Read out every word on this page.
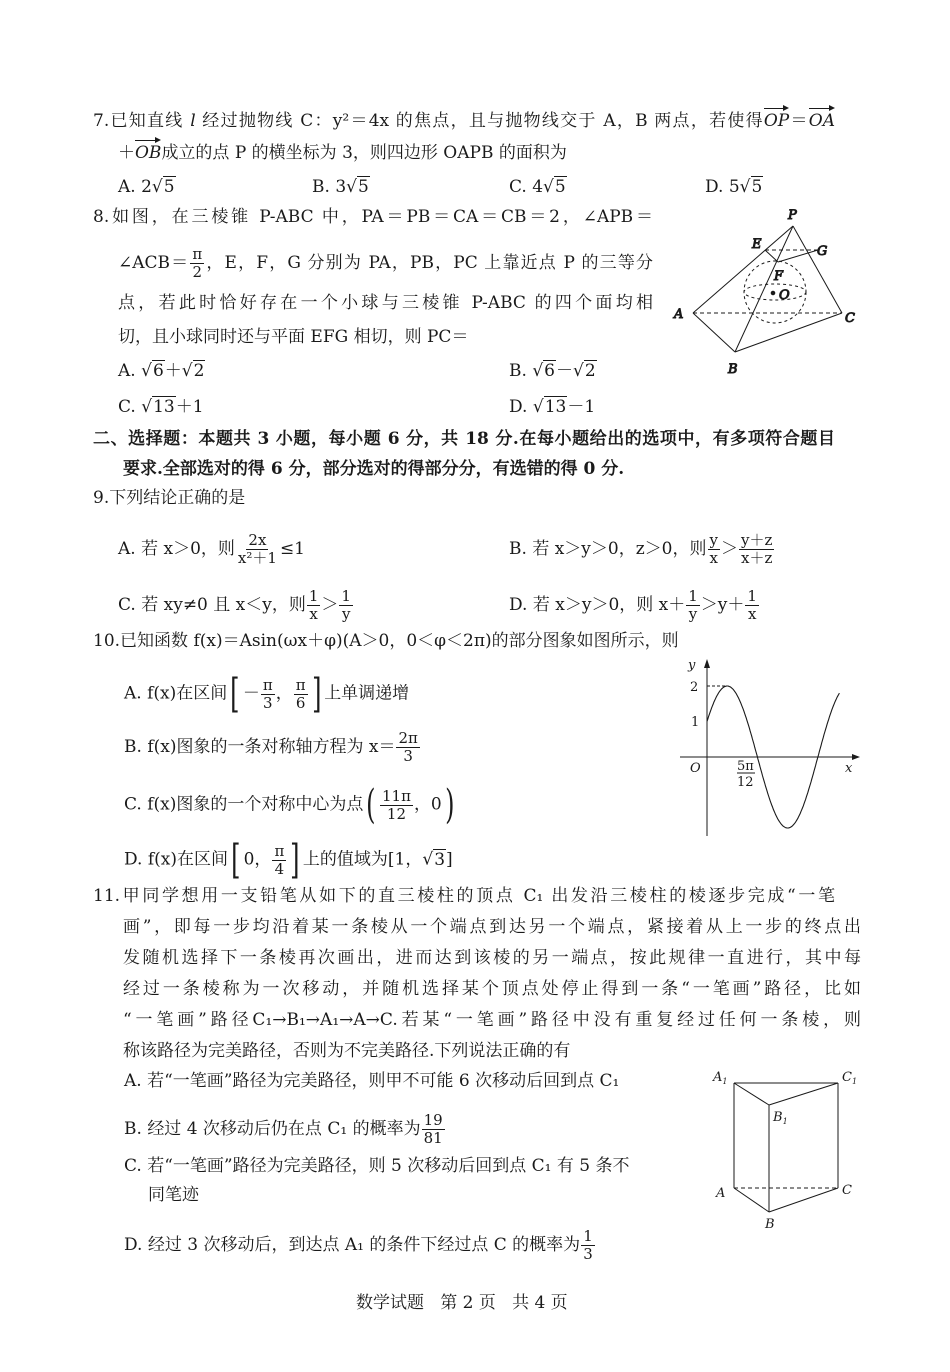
7.已知直线 l 经过抛物线 C：y²＝4x 的焦点，且与抛物线交于 A，B 两点，若使得OP＝OA
＋OB成立的点 P 的横坐标为 3，则四边形 OAPB 的面积为
A. 2√5	B. 3√5	C. 4√5	D. 5√5
8.如图，在三棱锥 P-ABC 中，PA＝PB＝CA＝CB＝2，∠APB＝
∠ACB＝ $\frac{\pi}{2}$ ，E，F，G 分别为 PA，PB，PC 上靠近点 P 的三等分
点，若此时恰好存在一个小球与三棱锥 P-ABC 的四个面均相
切，且小球同时还与平面 EFG 相切，则 PC＝
A. √6＋√2	B. √6－√2
C. √13＋1	D. √13－1
P
A
B
C
E
F
G
O
二、选择题：本题共 3 小题，每小题 6 分，共 18 分.在每小题给出的选项中，有多项符合题目
要求.全部选对的得 6 分，部分选对的得部分分，有选错的得 0 分.
9.下列结论正确的是
A. 若 x＞0，则 $\frac{2x}{\text{x²＋1}} \le 1$	B. 若 x＞y＞0，z＞0，则 $\frac{y}{x} > \frac{y+z}{x+z}$
C. 若 xy≠0 且 x＜y，则 $\frac{1}{x} > \frac{1}{y}$	D. 若 x＞y＞0，则 $x+ \frac{1}{y} >y+ \frac{1}{x}$
10.已知函数 f(x)＝Asin(ωx＋φ)(A＞0，0＜φ＜2π)的部分图象如图所示，则
A. f(x)在区间[ － $\frac{\pi}{3}$ ， $\frac{\pi}{6}$ ] 上单调递增
B. f(x)图象的一条对称轴方程为 $x= \frac{2\pi}{3}$
C. f(x)图象的一个对称中心为点( $\frac{11\pi}{12}$ ，0)
D. f(x)在区间[ 0， $\frac{\pi}{4}$ ] 上的值域为[1，√3]
y
x
O
2
1
5π
12
11.甲同学想用一支铅笔从如下的直三棱柱的顶点 C₁ 出发沿三棱柱的棱逐步完成“一笔
画”，即每一步均沿着某一条棱从一个端点到达另一个端点，紧接着从上一步的终点出
发随机选择下一条棱再次画出，进而达到该棱的另一端点，按此规律一直进行，其中每
经过一条棱称为一次移动，并随机选择某个顶点处停止得到一条“一笔画”路径，比如
“一笔画”路径C₁→B₁→A₁→A→C.若某“一笔画”路径中没有重复经过任何一条棱，则
称该路径为完美路径，否则为不完美路径.下列说法正确的有
A. 若“一笔画”路径为完美路径，则甲不可能 6 次移动后回到点 C₁
B. 经过 4 次移动后仍在点 C₁ 的概率为 $\frac{19}{81}$
C. 若“一笔画”路径为完美路径，则 5 次移动后回到点 C₁ 有 5 条不
同笔迹
D. 经过 3 次移动后，到达点 A₁ 的条件下经过点 C 的概率为 $\frac{1}{3}$
$A_1$	$C_1$
$B_1$
A	C
B
数学试题 第 2 页 共 4 页
